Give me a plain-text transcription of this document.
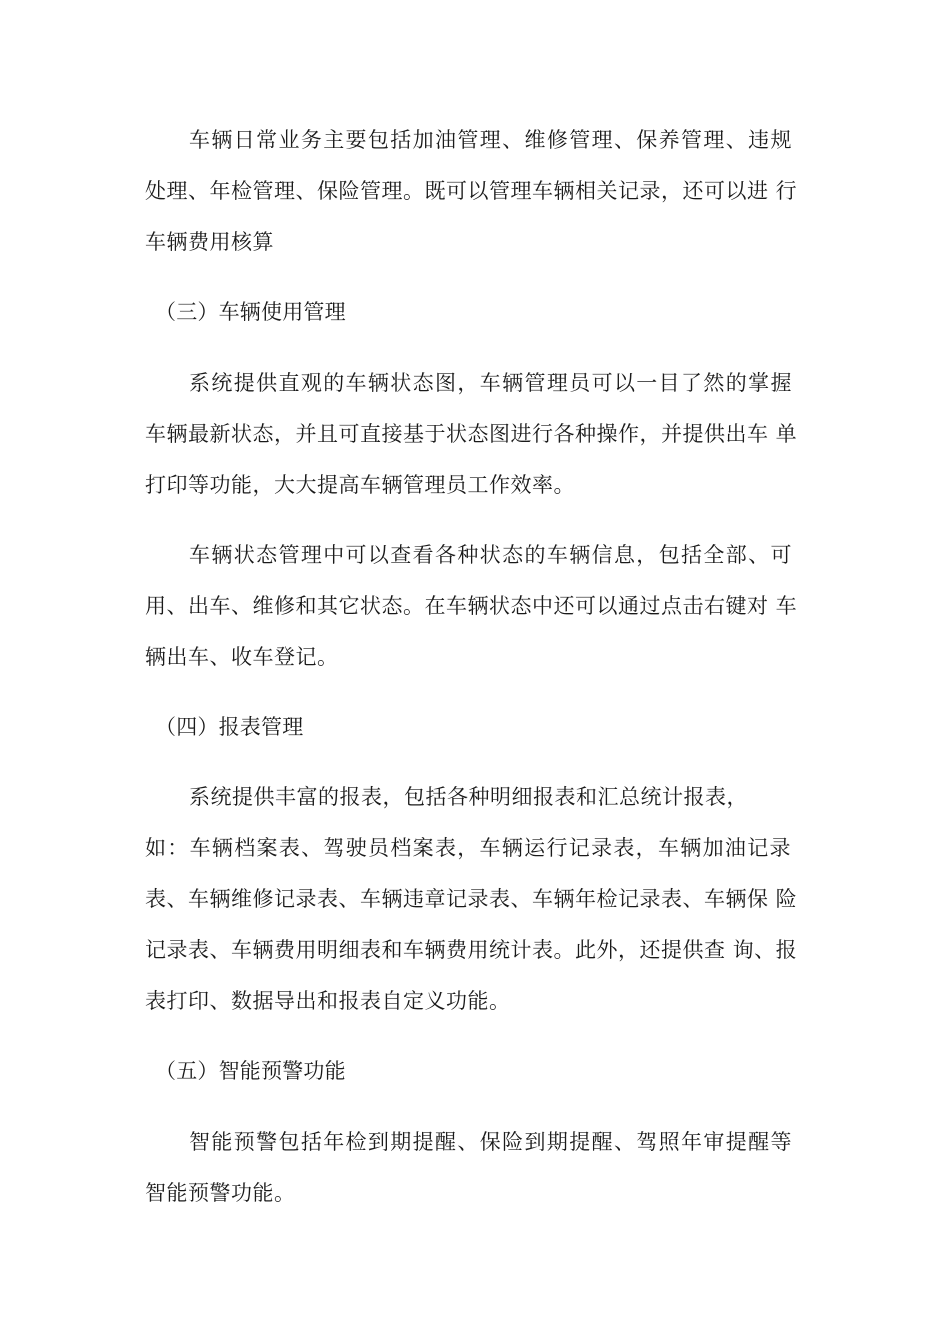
车辆日常业务主要包括加油管理、维修管理、保养管理、违规
处理、年检管理、保险管理。既可以管理车辆相关记录，还可以进 行
车辆费用核算
（三）车辆使用管理
系统提供直观的车辆状态图，车辆管理员可以一目了然的掌握
车辆最新状态，并且可直接基于状态图进行各种操作，并提供出车 单
打印等功能，大大提高车辆管理员工作效率。
车辆状态管理中可以查看各种状态的车辆信息，包括全部、可
用、出车、维修和其它状态。在车辆状态中还可以通过点击右键对 车
辆出车、收车登记。
（四）报表管理
系统提供丰富的报表，包括各种明细报表和汇总统计报表，
如：车辆档案表、驾驶员档案表，车辆运行记录表，车辆加油记录
表、车辆维修记录表、车辆违章记录表、车辆年检记录表、车辆保 险
记录表、车辆费用明细表和车辆费用统计表。此外，还提供查 询、报
表打印、数据导出和报表自定义功能。
（五）智能预警功能
智能预警包括年检到期提醒、保险到期提醒、驾照年审提醒等
智能预警功能。
